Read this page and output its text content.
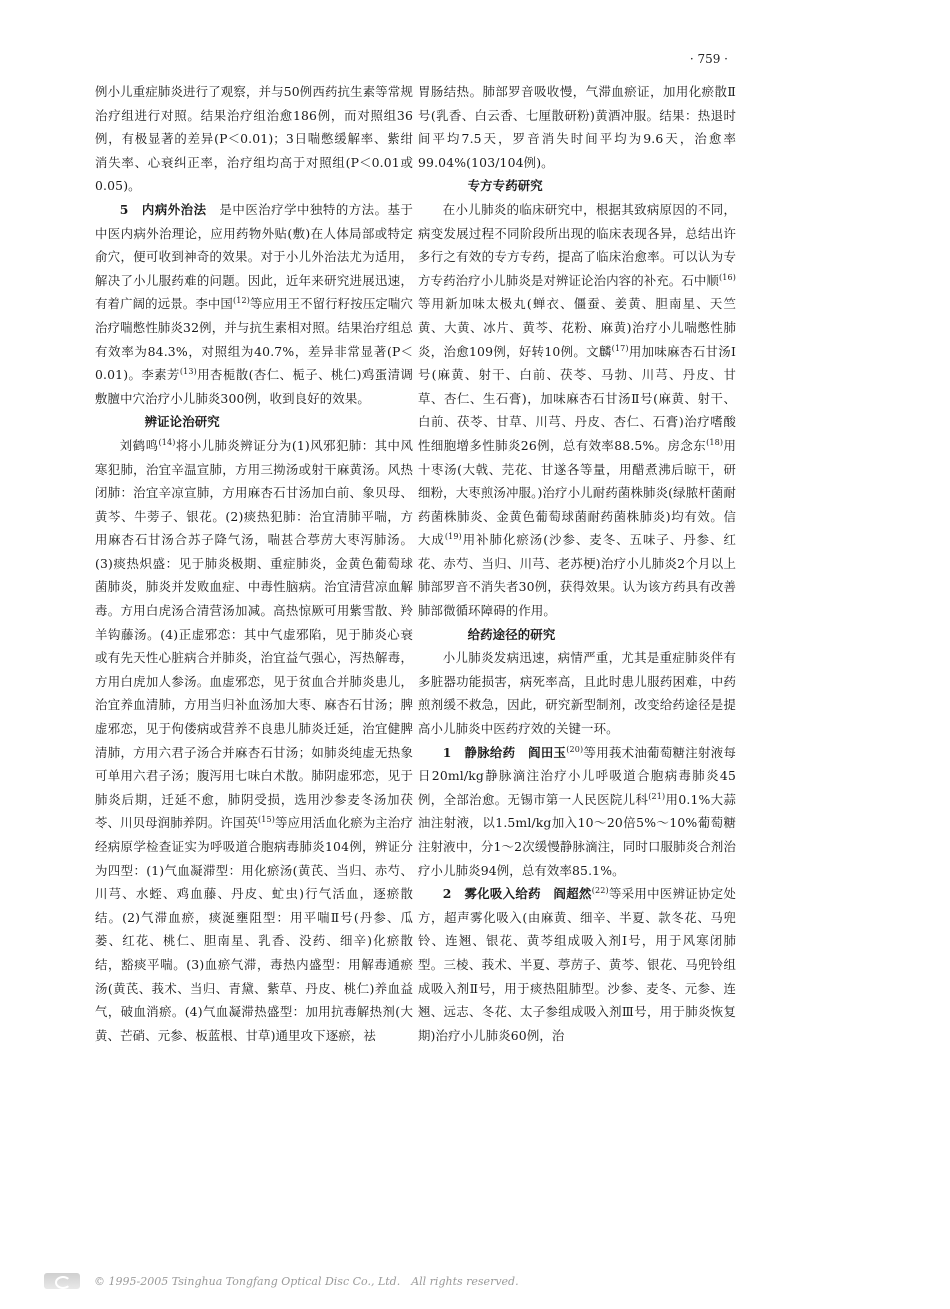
· 759 ·

例小儿重症肺炎进行了观察，并与50例西药抗生素等常规治疗组进行对照。结果治疗组治愈186例，而对照组36例，有极显著的差异(P＜0.01)；3日喘憋缓解率、紫绀消失率、心衰纠正率，治疗组均高于对照组(P＜0.01或0.05)。

5　内病外治法　是中医治疗学中独特的方法。基于中医内病外治理论，应用药物外贴(敷)在人体局部或特定俞穴，便可收到神奇的效果。对于小儿外治法尤为适用，解决了小儿服药难的问题。因此，近年来研究进展迅速，有着广阔的远景。李中国$^{(12)}$等应用王不留行籽按压定喘穴治疗喘憋性肺炎32例，并与抗生素相对照。结果治疗组总有效率为84.3%，对照组为40.7%，差异非常显著(P＜0.01)。李素芳$^{(13)}$用杏栀散(杏仁、栀子、桃仁)鸡蛋清调敷膻中穴治疗小儿肺炎300例，收到良好的效果。

辨证论治研究

刘鹤鸣$^{(14)}$将小儿肺炎辨证分为(1)风邪犯肺：其中风寒犯肺，治宜辛温宣肺，方用三拗汤或射干麻黄汤。风热闭肺：治宜辛凉宣肺，方用麻杏石甘汤加白前、象贝母、黄芩、牛蒡子、银花。(2)痰热犯肺：治宜清肺平喘，方用麻杏石甘汤合苏子降气汤，喘甚合葶苈大枣泻肺汤。(3)痰热炽盛：见于肺炎极期、重症肺炎，金黄色葡萄球菌肺炎，肺炎并发败血症、中毒性脑病。治宜清营凉血解毒。方用白虎汤合清营汤加减。高热惊厥可用紫雪散、羚羊钩藤汤。(4)正虚邪恋：其中气虚邪陷，见于肺炎心衰或有先天性心脏病合并肺炎，治宜益气强心，泻热解毒，方用白虎加人参汤。血虚邪恋，见于贫血合并肺炎患儿，治宜养血清肺，方用当归补血汤加大枣、麻杏石甘汤；脾虚邪恋，见于佝偻病或营养不良患儿肺炎迁延，治宜健脾清肺，方用六君子汤合并麻杏石甘汤；如肺炎纯虚无热象可单用六君子汤；腹泻用七味白术散。肺阴虚邪恋，见于肺炎后期，迁延不愈，肺阴受损，选用沙参麦冬汤加茯苓、川贝母润肺养阴。许国英$^{(15)}$等应用活血化瘀为主治疗经病原学检查证实为呼吸道合胞病毒肺炎104例，辨证分为四型：(1)气血凝滞型：用化瘀汤(黄芪、当归、赤芍、川芎、水蛭、鸡血藤、丹皮、虻虫)行气活血，逐瘀散结。(2)气滞血瘀，痰涎壅阻型：用平喘Ⅱ号(丹参、瓜蒌、红花、桃仁、胆南星、乳香、没药、细辛)化瘀散结，豁痰平喘。(3)血瘀气滞，毒热内盛型：用解毒通瘀汤(黄芪、莪术、当归、青黛、紫草、丹皮、桃仁)养血益气，破血消瘀。(4)气血凝滞热盛型：加用抗毒解热剂(大黄、芒硝、元参、板蓝根、甘草)通里攻下逐瘀，祛

胃肠结热。肺部罗音吸收慢，气滞血瘀证，加用化瘀散Ⅱ号(乳香、白云香、七厘散研粉)黄酒冲服。结果：热退时间平均7.5天，罗音消失时间平均为9.6天，治愈率99.04%(103/104例)。

专方专药研究

在小儿肺炎的临床研究中，根据其致病原因的不同，病变发展过程不同阶段所出现的临床表现各异，总结出许多行之有效的专方专药，提高了临床治愈率。可以认为专方专药治疗小儿肺炎是对辨证论治内容的补充。石中顺$^{(16)}$等用新加味太极丸(蝉衣、僵蚕、姜黄、胆南星、天竺黄、大黄、冰片、黄芩、花粉、麻黄)治疗小儿喘憋性肺炎，治愈109例，好转10例。文麟$^{(17)}$用加味麻杏石甘汤Ⅰ号(麻黄、射干、白前、茯苓、马勃、川芎、丹皮、甘草、杏仁、生石膏)，加味麻杏石甘汤Ⅱ号(麻黄、射干、白前、茯苓、甘草、川芎、丹皮、杏仁、石膏)治疗嗜酸性细胞增多性肺炎26例，总有效率88.5%。房念东$^{(18)}$用十枣汤(大戟、芫花、甘遂各等量，用醋煮沸后晾干，研细粉，大枣煎汤冲服。)治疗小儿耐药菌株肺炎(绿脓杆菌耐药菌株肺炎、金黄色葡萄球菌耐药菌株肺炎)均有效。信大成$^{(19)}$用补肺化瘀汤(沙参、麦冬、五味子、丹参、红花、赤芍、当归、川芎、老苏梗)治疗小儿肺炎2个月以上肺部罗音不消失者30例，获得效果。认为该方药具有改善肺部微循环障碍的作用。

给药途径的研究

小儿肺炎发病迅速，病情严重，尤其是重症肺炎伴有多脏器功能损害，病死率高，且此时患儿服药困难，中药煎剂缓不救急，因此，研究新型制剂，改变给药途径是提高小儿肺炎中医药疗效的关键一环。

1　静脉给药　阎田玉$^{(20)}$等用莪术油葡萄糖注射液每日20ml/kg静脉滴注治疗小儿呼吸道合胞病毒肺炎45例，全部治愈。无锡市第一人民医院儿科$^{(21)}$用0.1%大蒜油注射液，以1.5ml/kg加入10～20倍5%～10%葡萄糖注射液中，分1～2次缓慢静脉滴注，同时口服肺炎合剂治疗小儿肺炎94例，总有效率85.1%。

2　雾化吸入给药　阎超然$^{(22)}$等采用中医辨证协定处方，超声雾化吸入(由麻黄、细辛、半夏、款冬花、马兜铃、连翘、银花、黄芩组成吸入剂Ⅰ号，用于风寒闭肺型。三棱、莪术、半夏、葶苈子、黄芩、银花、马兜铃组成吸入剂Ⅱ号，用于痰热阻肺型。沙参、麦冬、元参、连翘、远志、冬花、太子参组成吸入剂Ⅲ号，用于肺炎恢复期)治疗小儿肺炎60例，治

© 1995-2005 Tsinghua Tongfang Optical Disc Co., Ltd.　All rights reserved.
